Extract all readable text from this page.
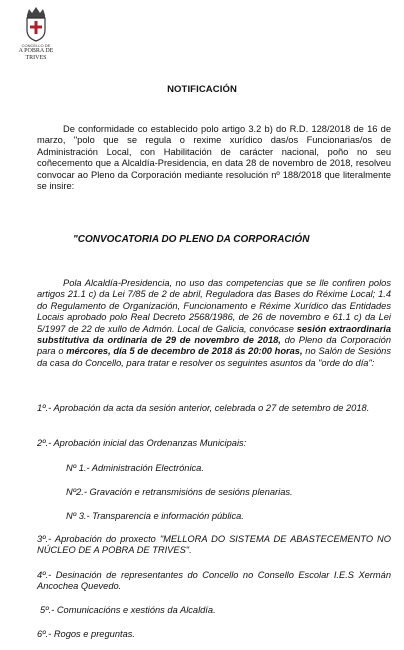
CONCELLO DE
A POBRA DE TRIVES
NOTIFICACIÓN

De conformidade co establecido polo artigo 3.2 b) do R.D. 128/2018 de 16 de marzo, "polo que se regula o rexime xurídico das/os Funcionarias/os de Administración Local, con Habilitación de carácter nacional, poño no seu coñecemento que a Alcaldía-Presidencia, en data 28 de novembro de 2018, resolveu convocar ao Pleno da Corporación mediante resolución nº 188/2018 que literalmente se insire:

"CONVOCATORIA DO PLENO DA CORPORACIÓN

Pola Alcaldía-Presidencia, no uso das competencias que se lle confiren polos artigos 21.1 c) da Lei 7/85 de 2 de abril, Reguladora das Bases do Réxime Local; 1.4 do Regulamento de Organización, Funcionamento e Réxime Xurídico das Entidades Locais aprobado polo Real Decreto 2568/1986, de 26 de novembro e 61.1 c) da Lei 5/1997 de 22 de xullo de Admón. Local de Galicia, convócase sesión extraordinaria substitutiva da ordinaria de 29 de novembro de 2018, do Pleno da Corporación para o mércores, día 5 de decembro de 2018 ás 20:00 horas, no Salón de Sesións da casa do Concello, para tratar e resolver os seguintes asuntos da "orde do día":

1º.- Aprobación da acta da sesión anterior, celebrada o 27 de setembro de 2018.

2º.- Aprobación inicial das Ordenanzas Municipais:

Nº 1.- Administración Electrónica.

Nº2.- Gravación e retransmisións de sesións plenarias.

Nº 3.- Transparencia e información pública.

3º.- Aprobación do proxecto "MELLORA DO SISTEMA DE ABASTECEMENTO NO NÚCLEO DE A POBRA DE TRIVES".

4º.- Desinación de representantes do Concello no Consello Escolar I.E.S Xermán Ancochea Quevedo.

5º.- Comunicacións e xestións da Alcaldía.

6º.- Rogos e preguntas.
